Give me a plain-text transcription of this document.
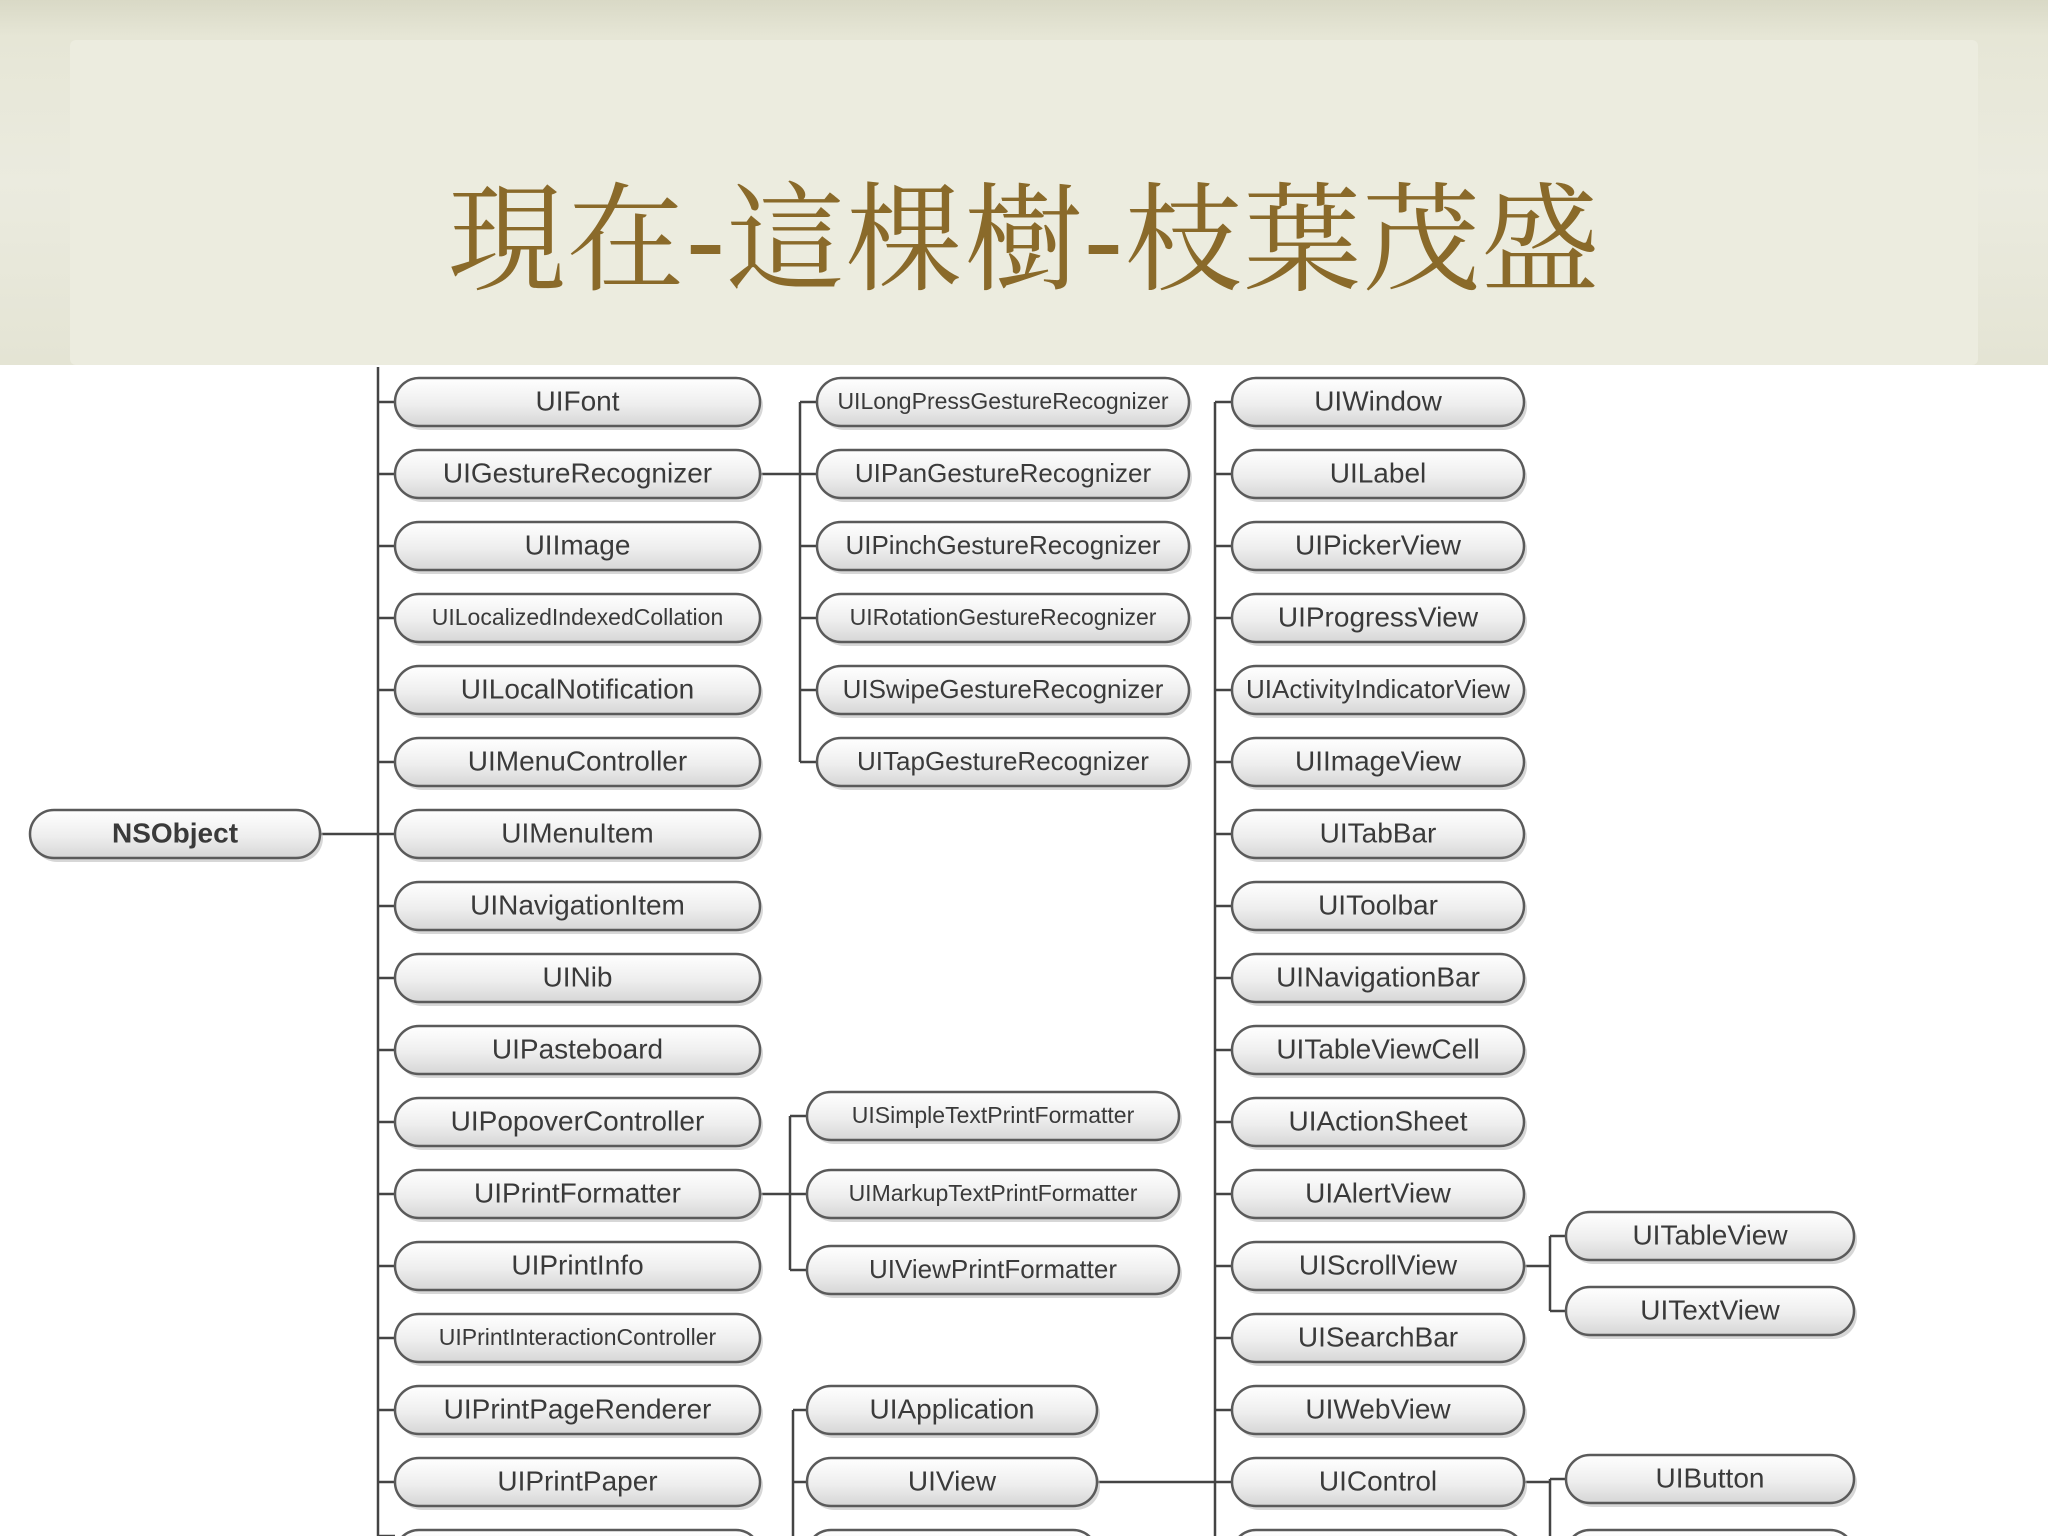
現在-這棵樹-枝葉茂盛
NSObject
UIFont
UIGestureRecognizer
UIImage
UILocalizedIndexedCollation
UILocalNotification
UIMenuController
UIMenuItem
UINavigationItem
UINib
UIPasteboard
UIPopoverController
UIPrintFormatter
UIPrintInfo
UIPrintInteractionController
UIPrintPageRenderer
UIPrintPaper
UILongPressGestureRecognizer
UIPanGestureRecognizer
UIPinchGestureRecognizer
UIRotationGestureRecognizer
UISwipeGestureRecognizer
UITapGestureRecognizer
UISimpleTextPrintFormatter
UIMarkupTextPrintFormatter
UIViewPrintFormatter
UIApplication
UIView
UIWindow
UILabel
UIPickerView
UIProgressView
UIActivityIndicatorView
UIImageView
UITabBar
UIToolbar
UINavigationBar
UITableViewCell
UIActionSheet
UIAlertView
UIScrollView
UISearchBar
UIWebView
UIControl
UITableView
UITextView
UIButton
